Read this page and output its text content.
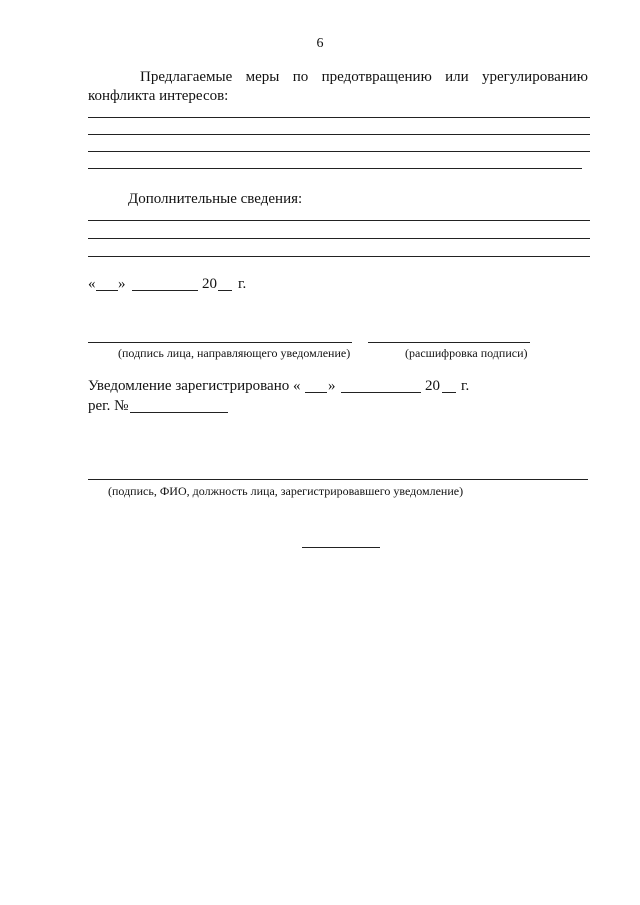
6
Предлагаемые меры по предотвращению или урегулированию
конфликта интересов:
Дополнительные сведения:
« »	20 г.
(подпись лица, направляющего уведомление)	(расшифровка подписи)
Уведомление зарегистрировано « »	20 г.
рег. №
(подпись, ФИО, должность лица, зарегистрировавшего уведомление)
